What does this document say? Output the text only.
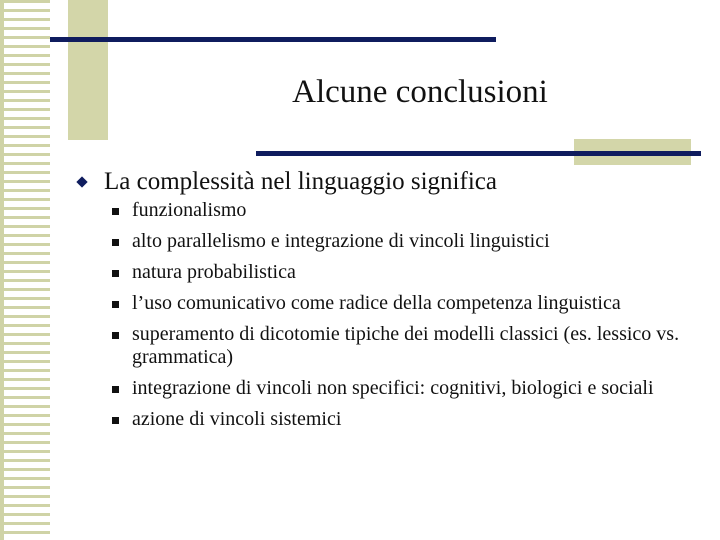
Alcune conclusioni
La complessità nel linguaggio significa
funzionalismo
alto parallelismo e integrazione di vincoli linguistici
natura probabilistica
l’uso comunicativo come radice della competenza linguistica
superamento di dicotomie tipiche dei modelli classici (es. lessico vs. grammatica)
integrazione di vincoli non specifici: cognitivi, biologici e sociali
azione di vincoli sistemici
